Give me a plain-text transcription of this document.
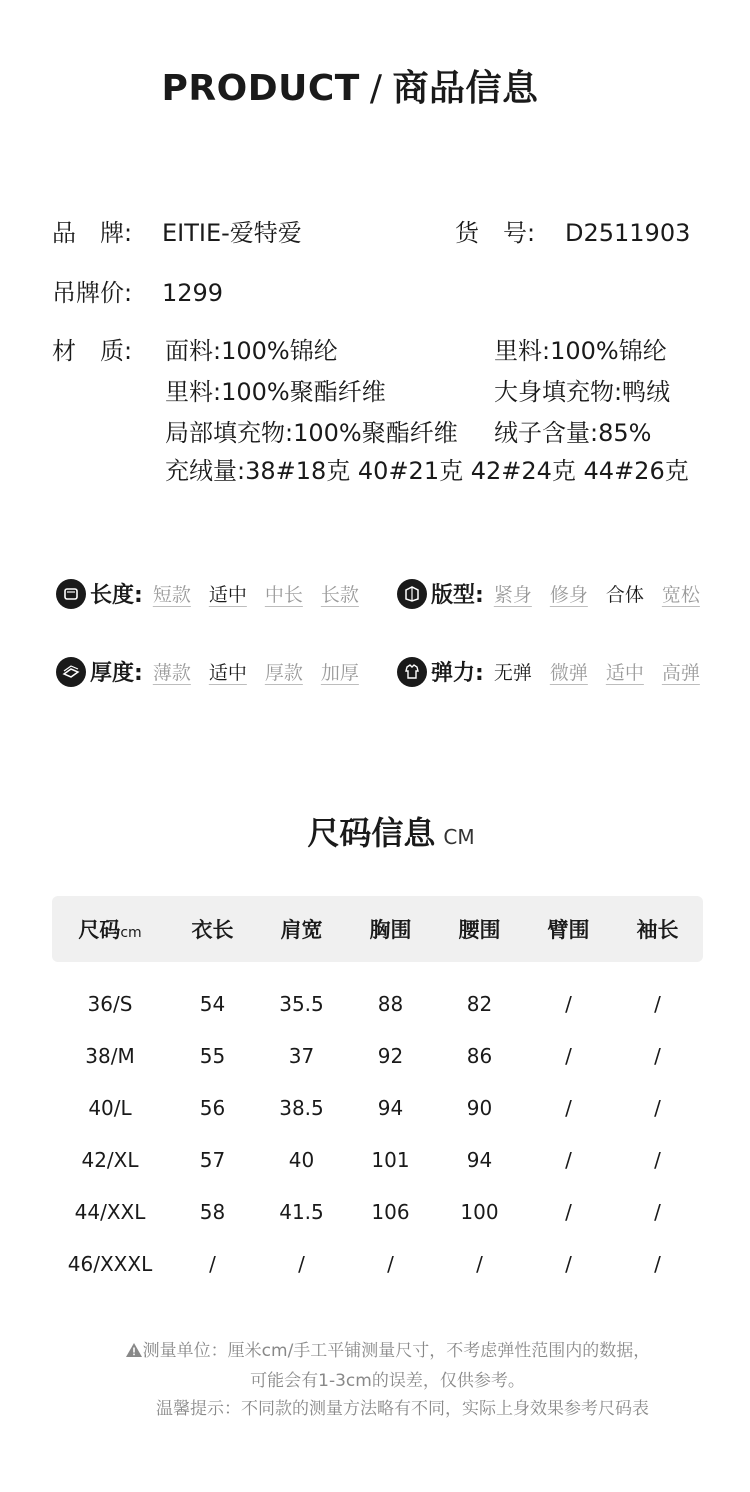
PRODUCT / 商品信息
品　牌: EITIE-爱特爱	货　号: D2511903
吊牌价: 1299
材　质: 面料:100%锦纶	里料:100%锦纶
里料:100%聚酯纤维	大身填充物:鸭绒
局部填充物:100%聚酯纤维 绒子含量:85%
充绒量:38#18克 40#21克 42#24克 44#26克
长度: 短款 适中 中长 长款	版型: 紧身 修身 合体 宽松
厚度: 薄款 适中 厚款 加厚	弹力: 无弹 微弹 适中 高弹
尺码信息 CM
尺码cm	衣长	肩宽	胸围	腰围	臂围	袖长
36/S	54	35.5	88	82	/	/
38/M	55	37	92	86	/	/
40/L	56	38.5	94	90	/	/
42/XL	57	40	101	94	/	/
44/XXL	58	41.5	106	100	/	/
46/XXXL	/	/	/	/	/	/
测量单位：厘米cm/手工平铺测量尺寸，不考虑弹性范围内的数据，
可能会有1-3cm的误差，仅供参考。
温馨提示：不同款的测量方法略有不同，实际上身效果参考尺码表
